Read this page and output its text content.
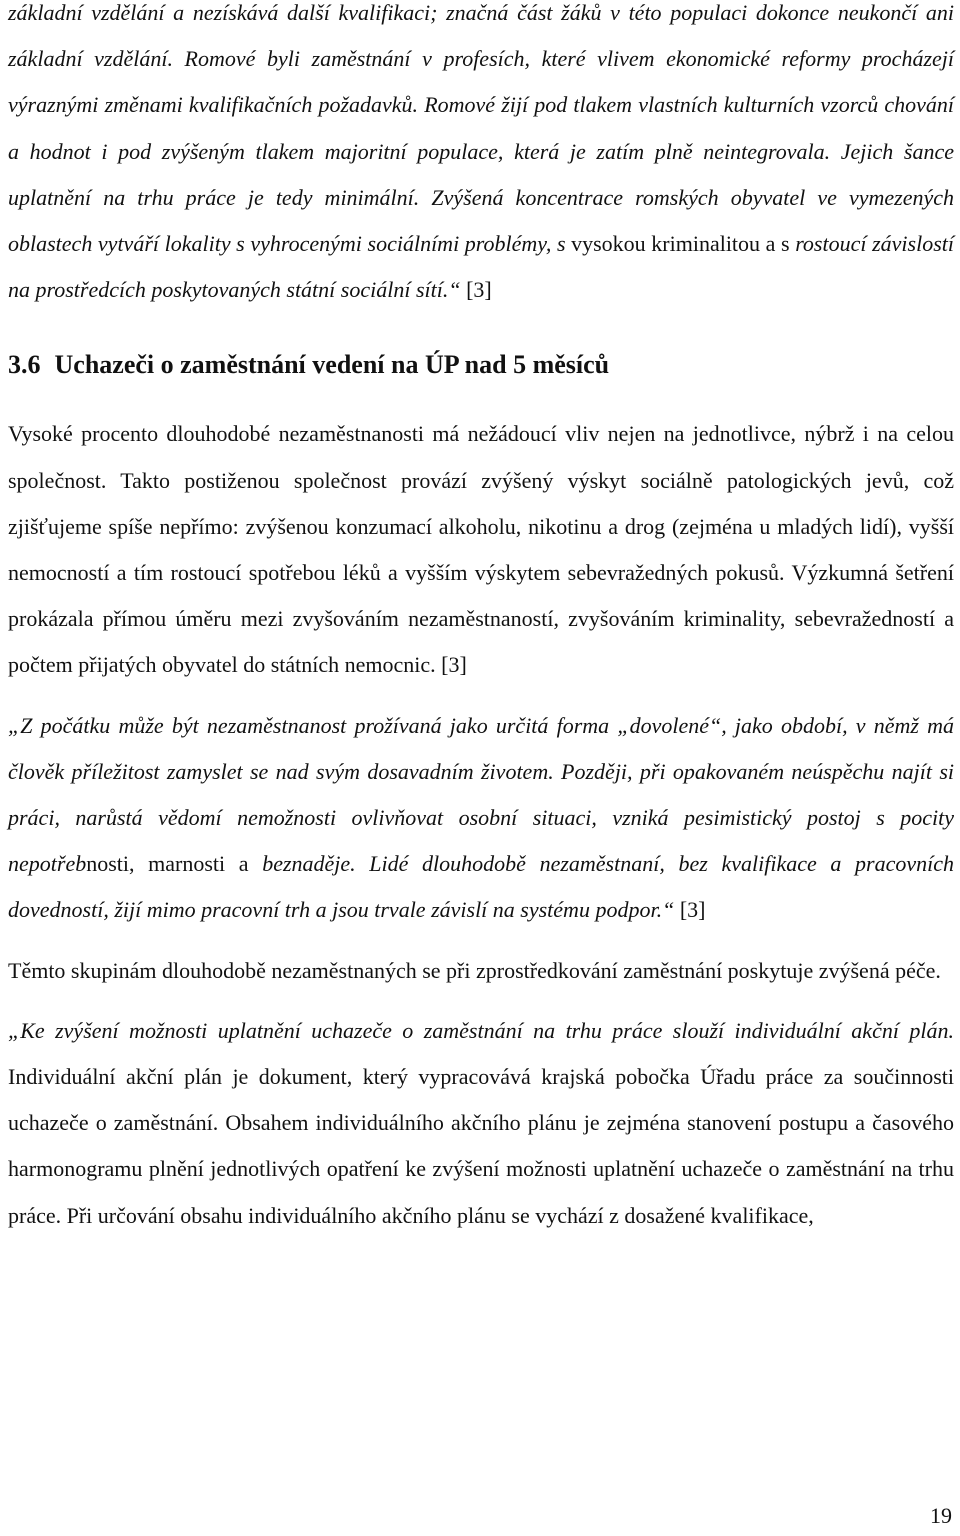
základní vzdělání a nezískává další kvalifikaci; značná část žáků v této populaci dokonce neukončí ani základní vzdělání. Romové byli zaměstnání v profesích, které vlivem ekonomické reformy procházejí výraznými změnami kvalifikačních požadavků. Romové žijí pod tlakem vlastních kulturních vzorců chování a hodnot i pod zvýšeným tlakem majoritní populace, která je zatím plně neintegrovala. Jejich šance uplatnění na trhu práce je tedy minimální. Zvýšená koncentrace romských obyvatel ve vymezených oblastech vytváří lokality s vyhrocenými sociálními problémy, s vysokou kriminalitou a s rostoucí závislostí na prostředcích poskytovaných státní sociální sítí.“ [3]

3.6 Uchazeči o zaměstnání vedení na ÚP nad 5 měsíců

Vysoké procento dlouhodobé nezaměstnanosti má nežádoucí vliv nejen na jednotlivce, nýbrž i na celou společnost. Takto postiženou společnost provází zvýšený výskyt sociálně patologických jevů, což zjišťujeme spíše nepřímo: zvýšenou konzumací alkoholu, nikotinu a drog (zejména u mladých lidí), vyšší nemocností a tím rostoucí spotřebou léků a vyšším výskytem sebevražedných pokusů. Výzkumná šetření prokázala přímou úměru mezi zvyšováním nezaměstnaností, zvyšováním kriminality, sebevražedností a počtem přijatých obyvatel do státních nemocnic. [3]

„Z počátku může být nezaměstnanost prožívaná jako určitá forma „dovolené“, jako období, v němž má člověk příležitost zamyslet se nad svým dosavadním životem. Později, při opakovaném neúspěchu najít si práci, narůstá vědomí nemožnosti ovlivňovat osobní situaci, vzniká pesimistický postoj s pocity nepotřebnosti, marnosti a beznaděje. Lidé dlouhodobě nezaměstnaní, bez kvalifikace a pracovních dovedností, žijí mimo pracovní trh a jsou trvale závislí na systému podpor.“ [3]

Těmto skupinám dlouhodobě nezaměstnaných se při zprostředkování zaměstnání poskytuje zvýšená péče.

„Ke zvýšení možnosti uplatnění uchazeče o zaměstnání na trhu práce slouží individuální akční plán. Individuální akční plán je dokument, který vypracovává krajská pobočka Úřadu práce za součinnosti uchazeče o zaměstnání. Obsahem individuálního akčního plánu je zejména stanovení postupu a časového harmonogramu plnění jednotlivých opatření ke zvýšení možnosti uplatnění uchazeče o zaměstnání na trhu práce. Při určování obsahu individuálního akčního plánu se vychází z dosažené kvalifikace,

19
